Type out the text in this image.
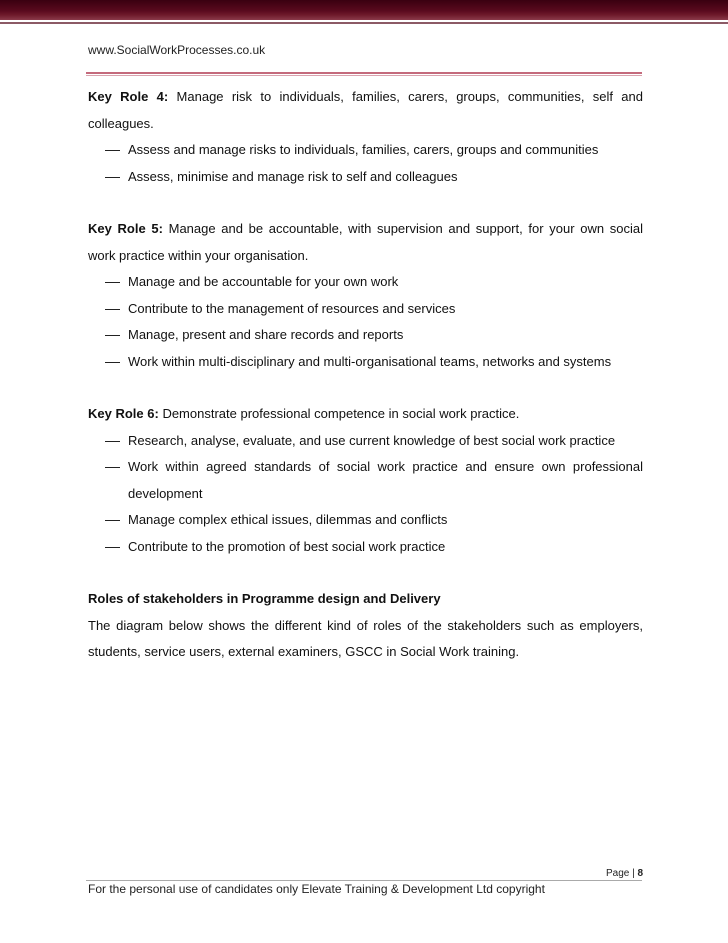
www.SocialWorkProcesses.co.uk

Key Role 4: Manage risk to individuals, families, carers, groups, communities, self and colleagues.

Assess and manage risks to individuals, families, carers, groups and communities
Assess, minimise and manage risk to self and colleagues

Key Role 5: Manage and be accountable, with supervision and support, for your own social work practice within your organisation.

Manage and be accountable for your own work
Contribute to the management of resources and services
Manage, present and share records and reports
Work within multi-disciplinary and multi-organisational teams, networks and systems

Key Role 6: Demonstrate professional competence in social work practice.

Research, analyse, evaluate, and use current knowledge of best social work practice
Work within agreed standards of social work practice and ensure own professional development
Manage complex ethical issues, dilemmas and conflicts
Contribute to the promotion of best social work practice

Roles of stakeholders in Programme design and Delivery

The diagram below shows the different kind of roles of the stakeholders such as employers, students, service users, external examiners, GSCC in Social Work training.

Page | 8
For the personal use of candidates only Elevate Training & Development Ltd copyright
